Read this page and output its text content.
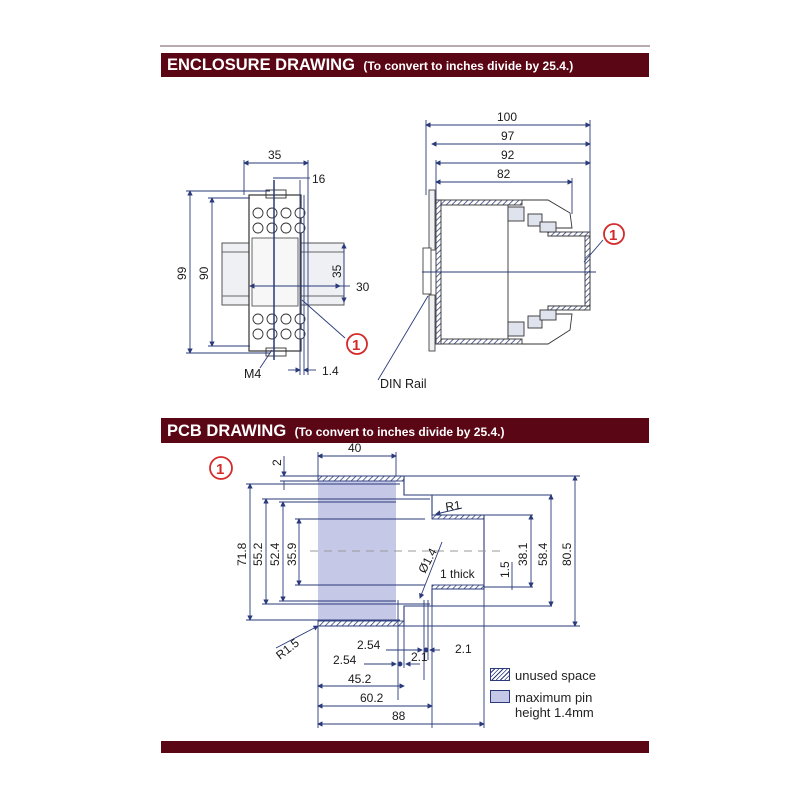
ENCLOSURE DRAWING (To convert to inches divide by 25.4.)
PCB DRAWING (To convert to inches divide by 25.4.)
35
16
99 90	35
30
1.4
M4
1
100
97
92
82
DIN Rail
1
1	2
40
71.8 55.2 52.4 35.9
R1
Ø1.4 1 thick 1.5
38.1 58.4 80.5
R1.5	2.54
2.54
2.1
2.1
45.2
60.2
88
unused space
maximum pin
height 1.4mm
